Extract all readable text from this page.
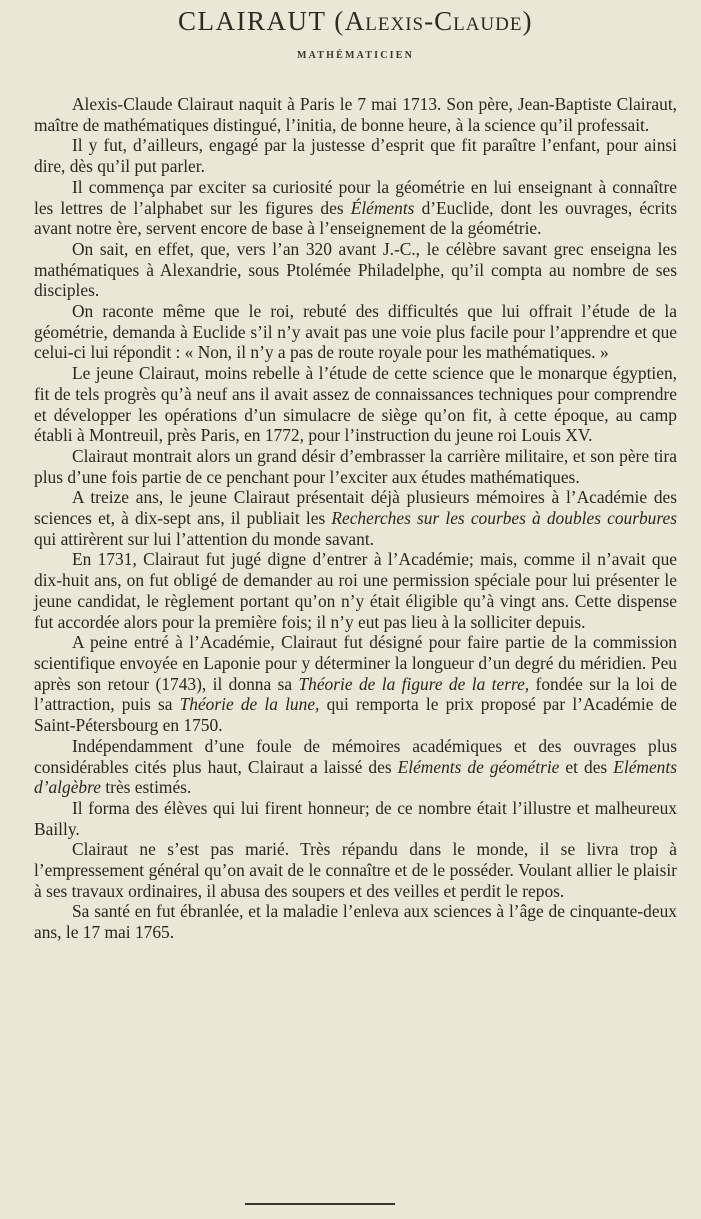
CLAIRAUT (Alexis-Claude)
MATHÉMATICIEN

Alexis-Claude Clairaut naquit à Paris le 7 mai 1713. Son père, Jean-Baptiste Clairaut, maître de mathématiques distingué, l’initia, de bonne heure, à la science qu’il professait.

Il y fut, d’ailleurs, engagé par la justesse d’esprit que fit paraître l’enfant, pour ainsi dire, dès qu’il put parler.

Il commença par exciter sa curiosité pour la géométrie en lui enseignant à connaître les lettres de l’alphabet sur les figures des Éléments d’Euclide, dont les ouvrages, écrits avant notre ère, servent encore de base à l’enseignement de la géométrie.

On sait, en effet, que, vers l’an 320 avant J.-C., le célèbre savant grec enseigna les mathématiques à Alexandrie, sous Ptolémée Philadelphe, qu’il compta au nombre de ses disciples.

On raconte même que le roi, rebuté des difficultés que lui offrait l’étude de la géométrie, demanda à Euclide s’il n’y avait pas une voie plus facile pour l’apprendre et que celui-ci lui répondit : « Non, il n’y a pas de route royale pour les mathématiques. »

Le jeune Clairaut, moins rebelle à l’étude de cette science que le monarque égyptien, fit de tels progrès qu’à neuf ans il avait assez de connaissances techniques pour comprendre et développer les opérations d’un simulacre de siège qu’on fit, à cette époque, au camp établi à Montreuil, près Paris, en 1772, pour l’instruction du jeune roi Louis XV.

Clairaut montrait alors un grand désir d’embrasser la carrière militaire, et son père tira plus d’une fois partie de ce penchant pour l’exciter aux études mathématiques.

A treize ans, le jeune Clairaut présentait déjà plusieurs mémoires à l’Académie des sciences et, à dix-sept ans, il publiait les Recherches sur les courbes à doubles courbures qui attirèrent sur lui l’attention du monde savant.

En 1731, Clairaut fut jugé digne d’entrer à l’Académie; mais, comme il n’avait que dix-huit ans, on fut obligé de demander au roi une permission spéciale pour lui présenter le jeune candidat, le règlement portant qu’on n’y était éligible qu’à vingt ans. Cette dispense fut accordée alors pour la première fois; il n’y eut pas lieu à la solliciter depuis.

A peine entré à l’Académie, Clairaut fut désigné pour faire partie de la commission scientifique envoyée en Laponie pour y déterminer la longueur d’un degré du méridien. Peu après son retour (1743), il donna sa Théorie de la figure de la terre, fondée sur la loi de l’attraction, puis sa Théorie de la lune, qui remporta le prix proposé par l’Académie de Saint-Pétersbourg en 1750.

Indépendamment d’une foule de mémoires académiques et des ouvrages plus considérables cités plus haut, Clairaut a laissé des Eléments de géométrie et des Eléments d’algèbre très estimés.

Il forma des élèves qui lui firent honneur; de ce nombre était l’illustre et malheureux Bailly.

Clairaut ne s’est pas marié. Très répandu dans le monde, il se livra trop à l’empressement général qu’on avait de le connaître et de le posséder. Voulant allier le plaisir à ses travaux ordinaires, il abusa des soupers et des veilles et perdit le repos.

Sa santé en fut ébranlée, et la maladie l’enleva aux sciences à l’âge de cinquante-deux ans, le 17 mai 1765.
